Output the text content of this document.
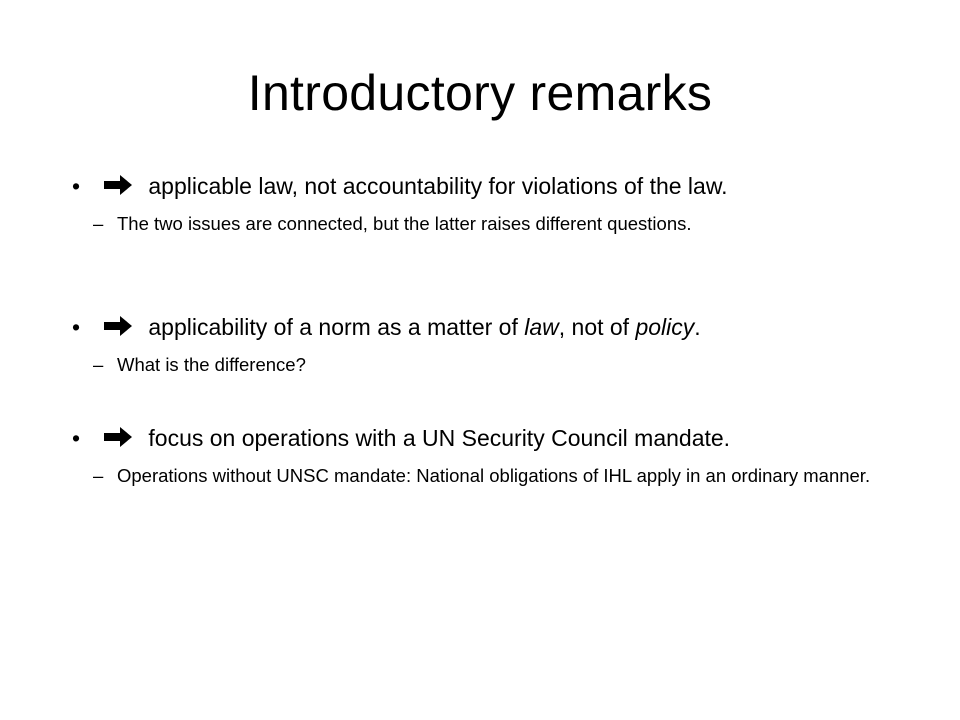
Introductory remarks
•	applicable law, not accountability for violations of the law.
– The two issues are connected, but the latter raises different questions.
•	applicability of a norm as a matter of law, not of policy.
– What is the difference?
•	focus on operations with a UN Security Council mandate.
– Operations without UNSC mandate: National obligations of IHL apply in an ordinary manner.
